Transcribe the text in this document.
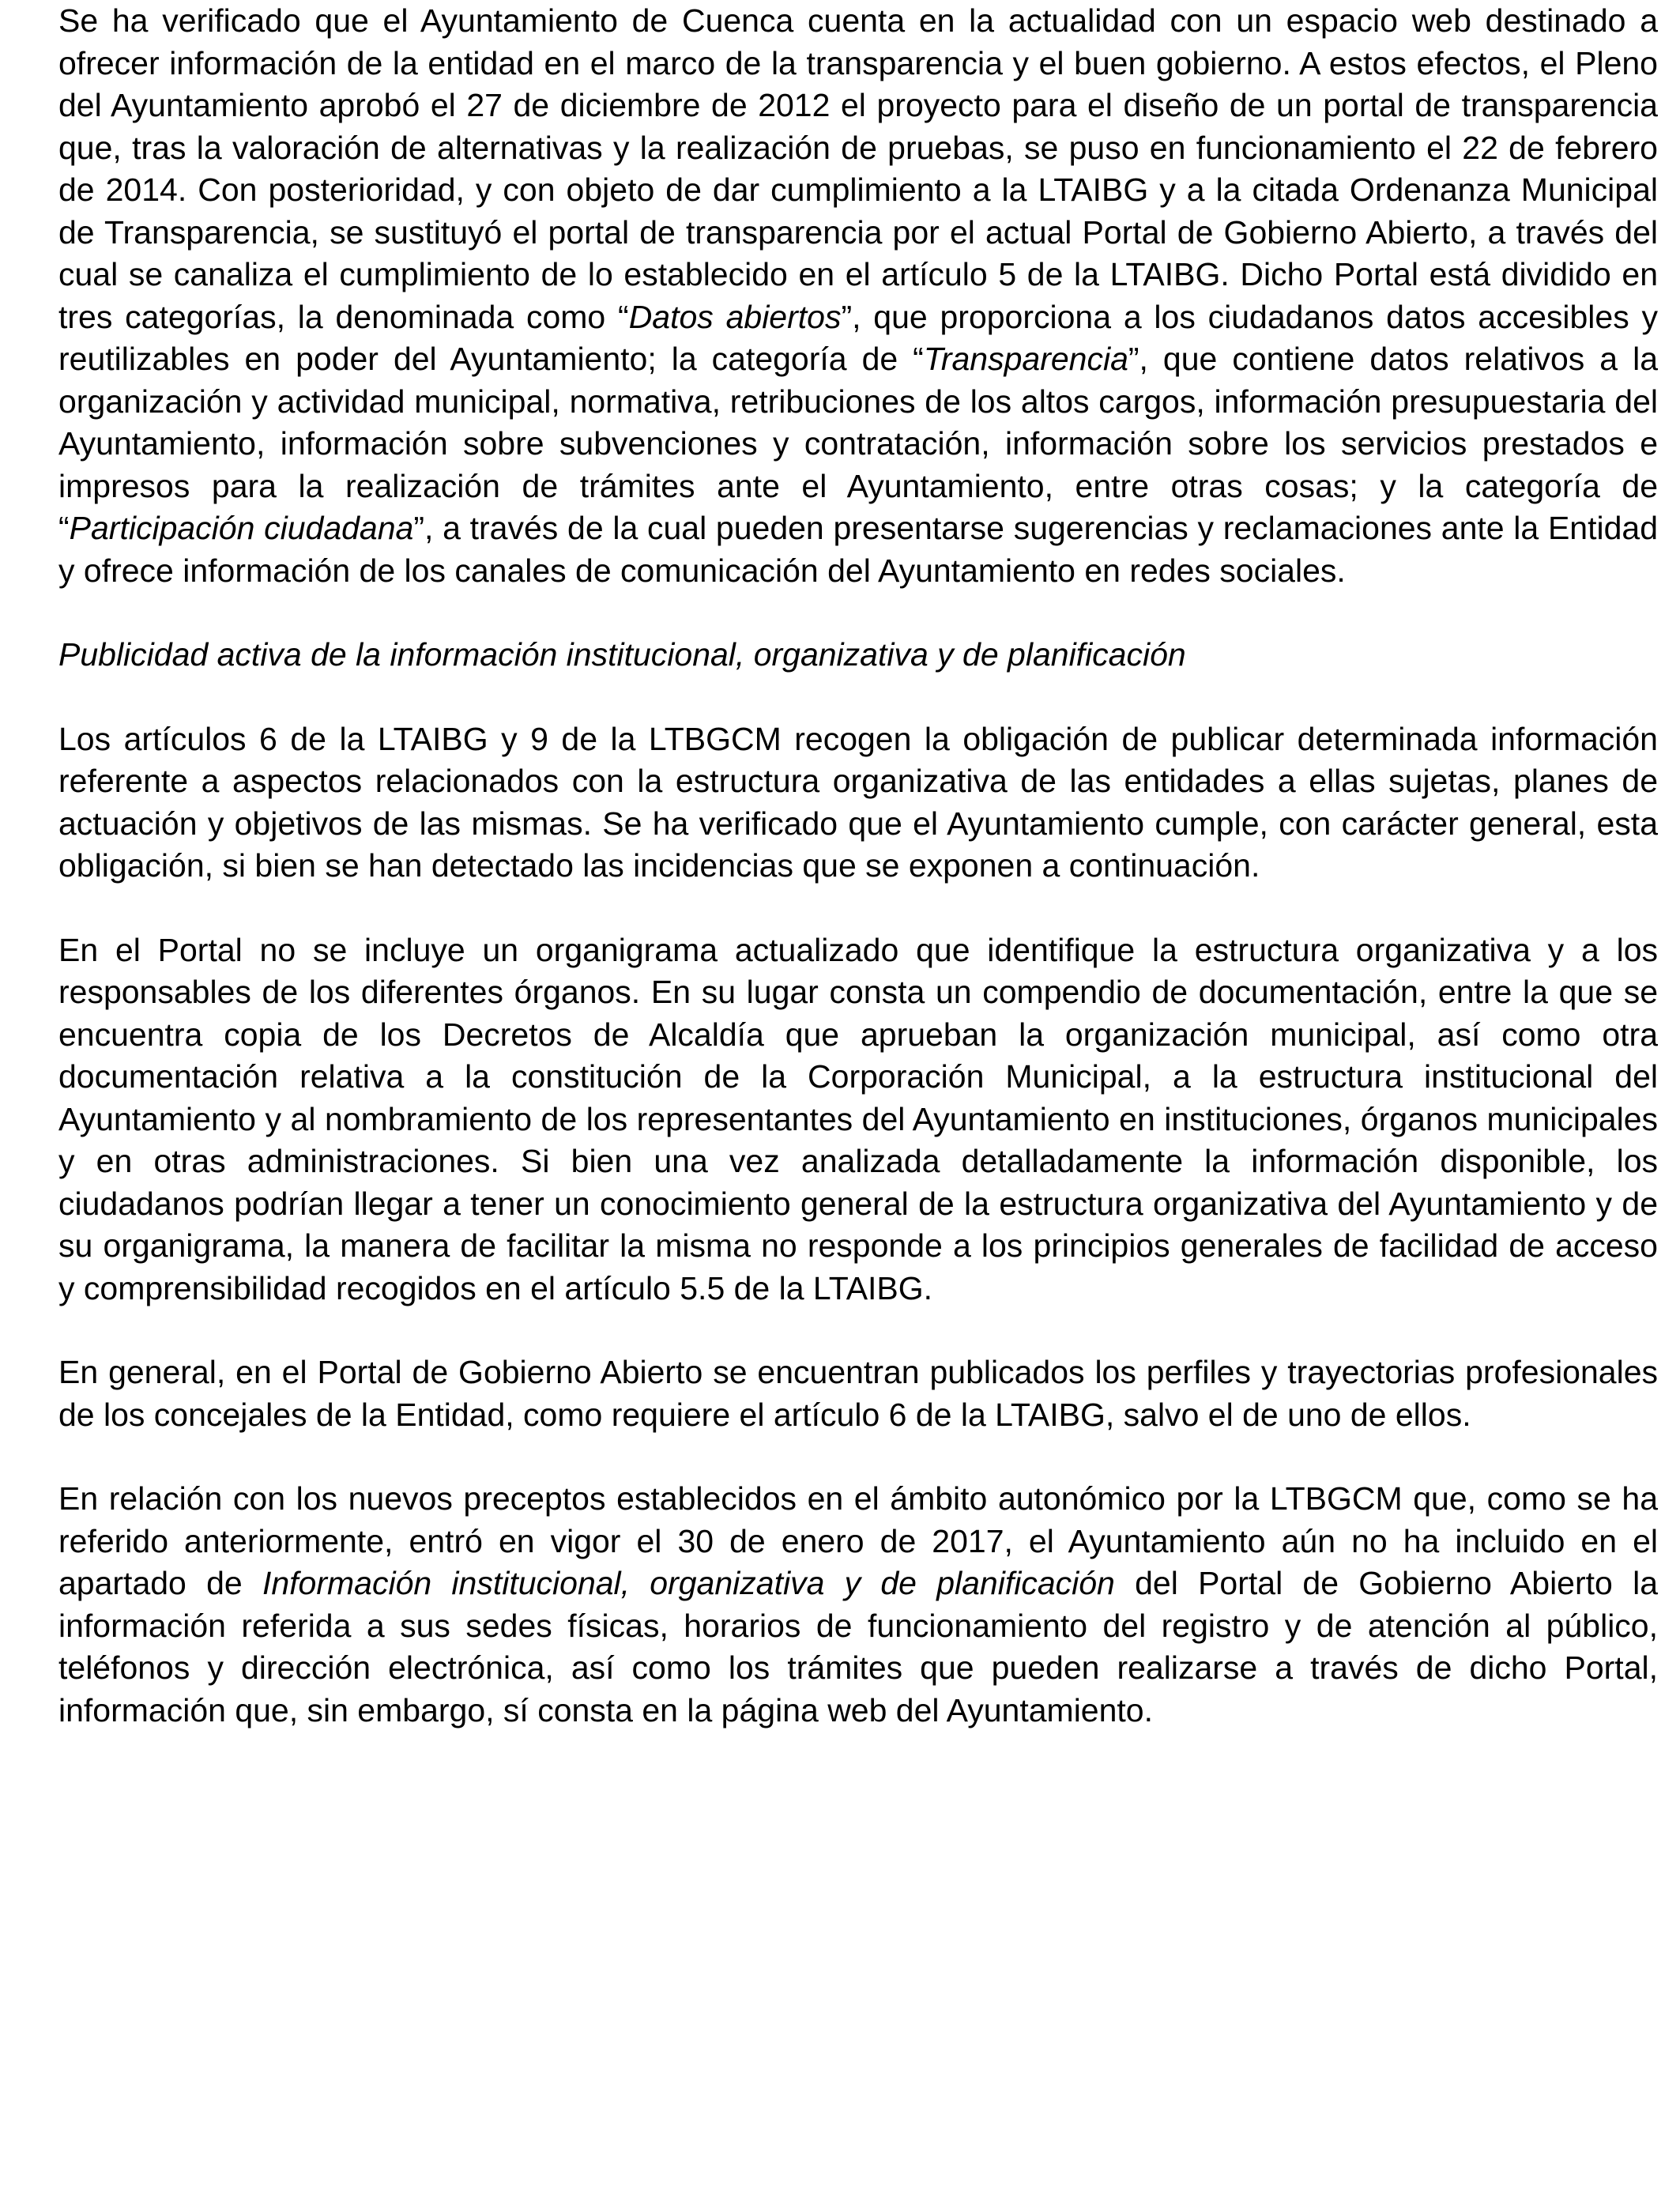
Se ha verificado que el Ayuntamiento de Cuenca cuenta en la actualidad con un espacio web destinado a ofrecer información de la entidad en el marco de la transparencia y el buen gobierno. A estos efectos, el Pleno del Ayuntamiento aprobó el 27 de diciembre de 2012 el proyecto para el diseño de un portal de transparencia que, tras la valoración de alternativas y la realización de pruebas, se puso en funcionamiento el 22 de febrero de 2014. Con posterioridad, y con objeto de dar cumplimiento a la LTAIBG y a la citada Ordenanza Municipal de Transparencia, se sustituyó el portal de transparencia por el actual Portal de Gobierno Abierto, a través del cual se canaliza el cumplimiento de lo establecido en el artículo 5 de la LTAIBG. Dicho Portal está dividido en tres categorías, la denominada como “Datos abiertos”, que proporciona a los ciudadanos datos accesibles y reutilizables en poder del Ayuntamiento; la categoría de “Transparencia”, que contiene datos relativos a la organización y actividad municipal, normativa, retribuciones de los altos cargos, información presupuestaria del Ayuntamiento, información sobre subvenciones y contratación, información sobre los servicios prestados e impresos para la realización de trámites ante el Ayuntamiento, entre otras cosas; y la categoría de “Participación ciudadana”, a través de la cual pueden presentarse sugerencias y reclamaciones ante la Entidad y ofrece información de los canales de comunicación del Ayuntamiento en redes sociales.

Publicidad activa de la información institucional, organizativa y de planificación

Los artículos 6 de la LTAIBG y 9 de la LTBGCM recogen la obligación de publicar determinada información referente a aspectos relacionados con la estructura organizativa de las entidades a ellas sujetas, planes de actuación y objetivos de las mismas. Se ha verificado que el Ayuntamiento cumple, con carácter general, esta obligación, si bien se han detectado las incidencias que se exponen a continuación.

En el Portal no se incluye un organigrama actualizado que identifique la estructura organizativa y a los responsables de los diferentes órganos. En su lugar consta un compendio de documentación, entre la que se encuentra copia de los Decretos de Alcaldía que aprueban la organización municipal, así como otra documentación relativa a la constitución de la Corporación Municipal, a la estructura institucional del Ayuntamiento y al nombramiento de los representantes del Ayuntamiento en instituciones, órganos municipales y en otras administraciones. Si bien una vez analizada detalladamente la información disponible, los ciudadanos podrían llegar a tener un conocimiento general de la estructura organizativa del Ayuntamiento y de su organigrama, la manera de facilitar la misma no responde a los principios generales de facilidad de acceso y comprensibilidad recogidos en el artículo 5.5 de la LTAIBG.

En general, en el Portal de Gobierno Abierto se encuentran publicados los perfiles y trayectorias profesionales de los concejales de la Entidad, como requiere el artículo 6 de la LTAIBG, salvo el de uno de ellos.

En relación con los nuevos preceptos establecidos en el ámbito autonómico por la LTBGCM que, como se ha referido anteriormente, entró en vigor el 30 de enero de 2017, el Ayuntamiento aún no ha incluido en el apartado de Información institucional, organizativa y de planificación del Portal de Gobierno Abierto la información referida a sus sedes físicas, horarios de funcionamiento del registro y de atención al público, teléfonos y dirección electrónica, así como los trámites que pueden realizarse a través de dicho Portal, información que, sin embargo, sí consta en la página web del Ayuntamiento.
